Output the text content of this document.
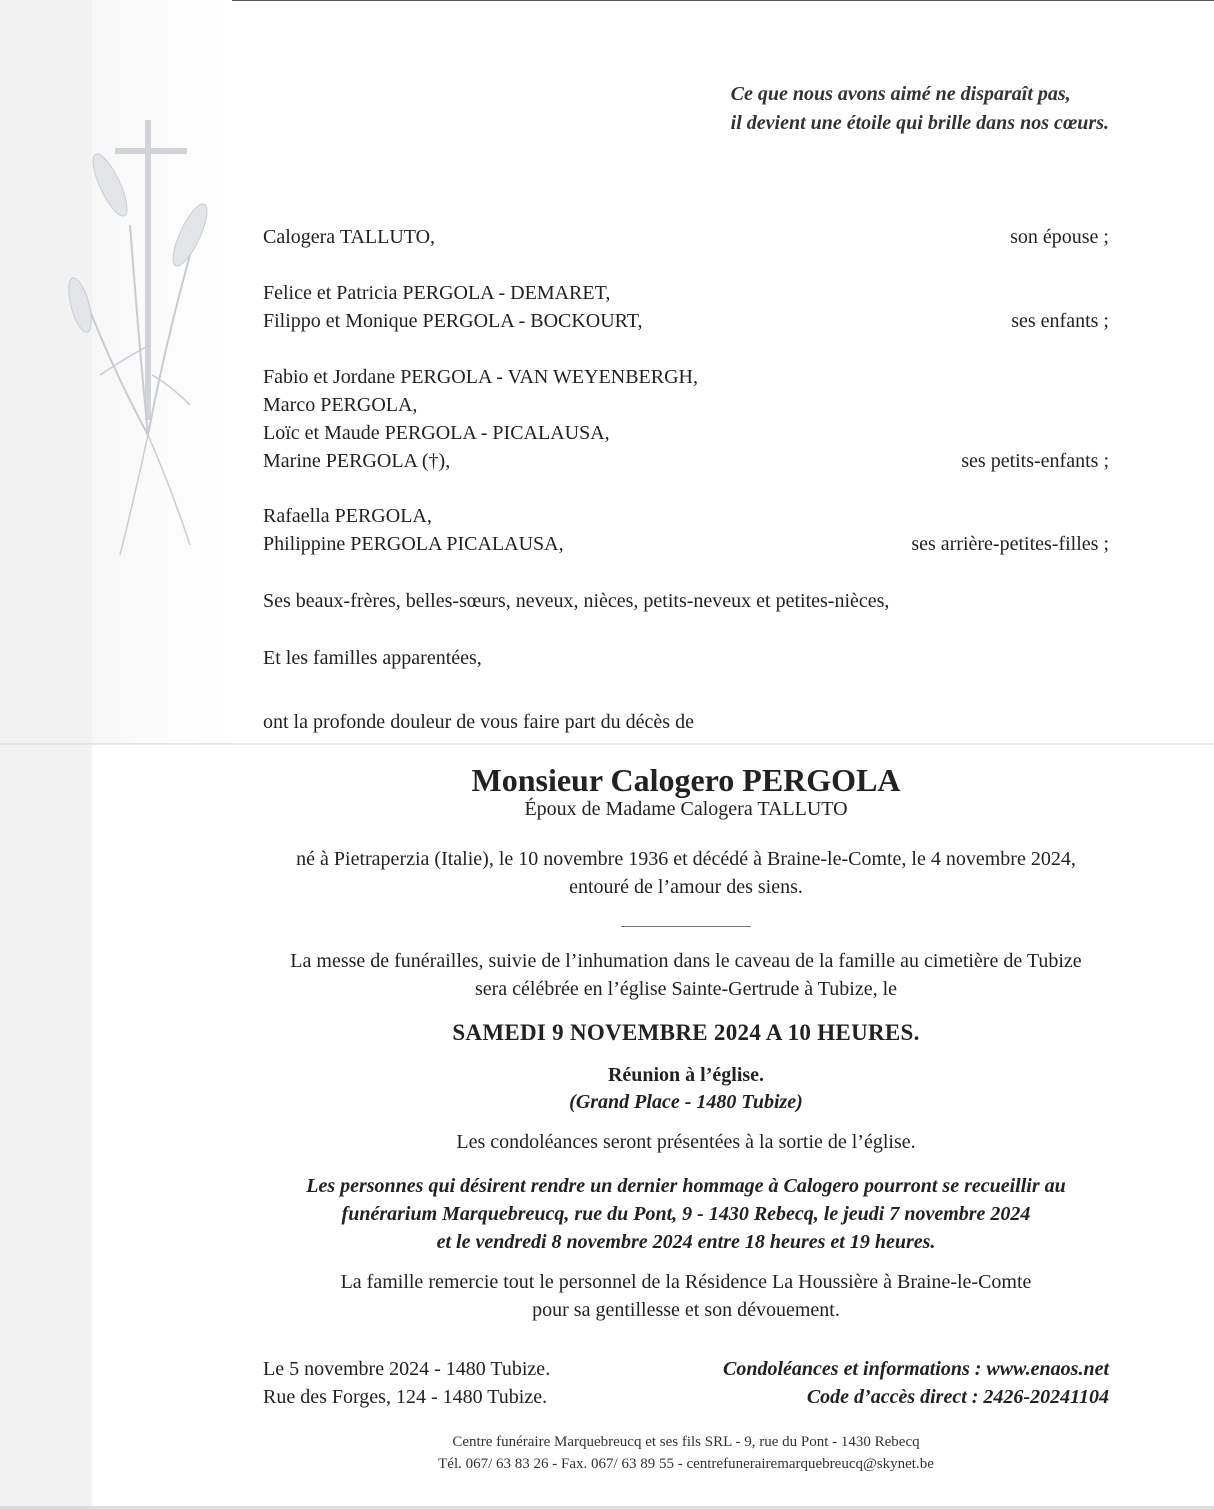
Ce que nous avons aimé ne disparaît pas,
il devient une étoile qui brille dans nos cœurs.
Calogera TALLUTO,	son épouse ;
Felice et Patricia PERGOLA - DEMARET,
Filippo et Monique PERGOLA - BOCKOURT,	ses enfants ;
Fabio et Jordane PERGOLA - VAN WEYENBERGH,
Marco PERGOLA,
Loïc et Maude PERGOLA - PICALAUSA,
Marine PERGOLA (†),	ses petits-enfants ;
Rafaella PERGOLA,
Philippine PERGOLA PICALAUSA,	ses arrière-petites-filles ;
Ses beaux-frères, belles-sœurs, neveux, nièces, petits-neveux et petites-nièces,
Et les familles apparentées,
ont la profonde douleur de vous faire part du décès de
Monsieur Calogero PERGOLA
Époux de Madame Calogera TALLUTO
né à Pietraperzia (Italie), le 10 novembre 1936 et décédé à Braine-le-Comte, le 4 novembre 2024,
entouré de l’amour des siens.
La messe de funérailles, suivie de l’inhumation dans le caveau de la famille au cimetière de Tubize
sera célébrée en l’église Sainte-Gertrude à Tubize, le
SAMEDI 9 NOVEMBRE 2024 A 10 HEURES.
Réunion à l’église.
(Grand Place - 1480 Tubize)
Les condoléances seront présentées à la sortie de l’église.
Les personnes qui désirent rendre un dernier hommage à Calogero pourront se recueillir au
funérarium Marquebreucq, rue du Pont, 9 - 1430 Rebecq, le jeudi 7 novembre 2024
et le vendredi 8 novembre 2024 entre 18 heures et 19 heures.
La famille remercie tout le personnel de la Résidence La Houssière à Braine-le-Comte
pour sa gentillesse et son dévouement.
Le 5 novembre 2024 - 1480 Tubize.
Rue des Forges, 124 - 1480 Tubize.
Condoléances et informations : www.enaos.net
Code d’accès direct : 2426-20241104
Centre funéraire Marquebreucq et ses fils SRL - 9, rue du Pont - 1430 Rebecq
Tél. 067/ 63 83 26 - Fax. 067/ 63 89 55 - centrefunerairemarquebreucq@skynet.be
